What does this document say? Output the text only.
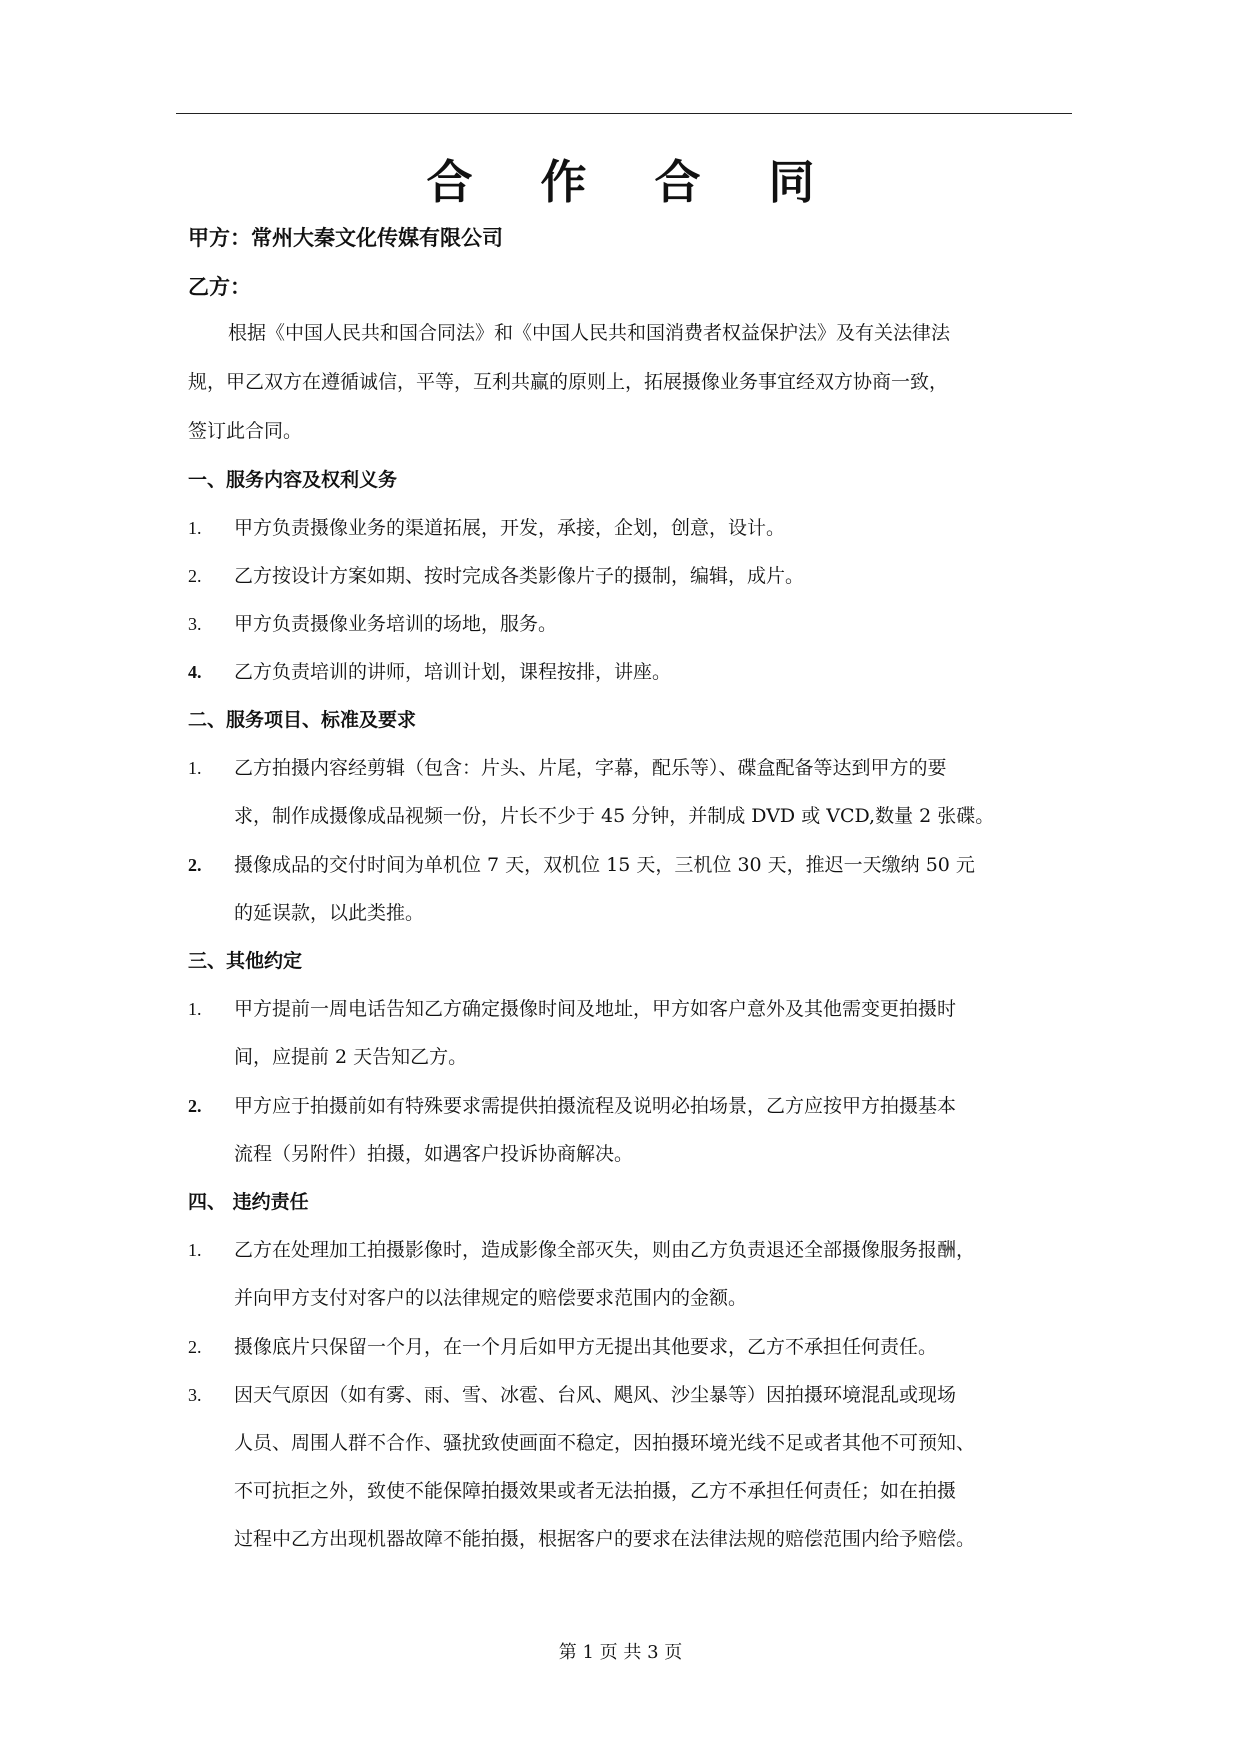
合 作 合 同
甲方：常州大秦文化传媒有限公司
乙方：
根据《中国人民共和国合同法》和《中国人民共和国消费者权益保护法》及有关法律法
规，甲乙双方在遵循诚信，平等，互利共赢的原则上，拓展摄像业务事宜经双方协商一致，
签订此合同。
一、服务内容及权利义务
1. 甲方负责摄像业务的渠道拓展，开发，承接，企划，创意，设计。
2. 乙方按设计方案如期、按时完成各类影像片子的摄制，编辑，成片。
3. 甲方负责摄像业务培训的场地，服务。
4. 乙方负责培训的讲师，培训计划，课程按排，讲座。
二、服务项目、标准及要求
1. 乙方拍摄内容经剪辑（包含：片头、片尾，字幕，配乐等）、碟盒配备等达到甲方的要
求，制作成摄像成品视频一份，片长不少于 45 分钟，并制成 DVD 或 VCD,数量 2 张碟。
2. 摄像成品的交付时间为单机位 7 天，双机位 15 天，三机位 30 天，推迟一天缴纳 50 元
的延误款，以此类推。
三、其他约定
1. 甲方提前一周电话告知乙方确定摄像时间及地址，甲方如客户意外及其他需变更拍摄时
间，应提前 2 天告知乙方。
2. 甲方应于拍摄前如有特殊要求需提供拍摄流程及说明必拍场景，乙方应按甲方拍摄基本
流程（另附件）拍摄，如遇客户投诉协商解决。
四、 违约责任
1. 乙方在处理加工拍摄影像时，造成影像全部灭失，则由乙方负责退还全部摄像服务报酬，
并向甲方支付对客户的以法律规定的赔偿要求范围内的金额。
2. 摄像底片只保留一个月，在一个月后如甲方无提出其他要求，乙方不承担任何责任。
3. 因天气原因（如有雾、雨、雪、冰雹、台风、飓风、沙尘暴等）因拍摄环境混乱或现场
人员、周围人群不合作、骚扰致使画面不稳定，因拍摄环境光线不足或者其他不可预知、
不可抗拒之外，致使不能保障拍摄效果或者无法拍摄，乙方不承担任何责任；如在拍摄
过程中乙方出现机器故障不能拍摄，根据客户的要求在法律法规的赔偿范围内给予赔偿。
第 1 页 共 3 页
